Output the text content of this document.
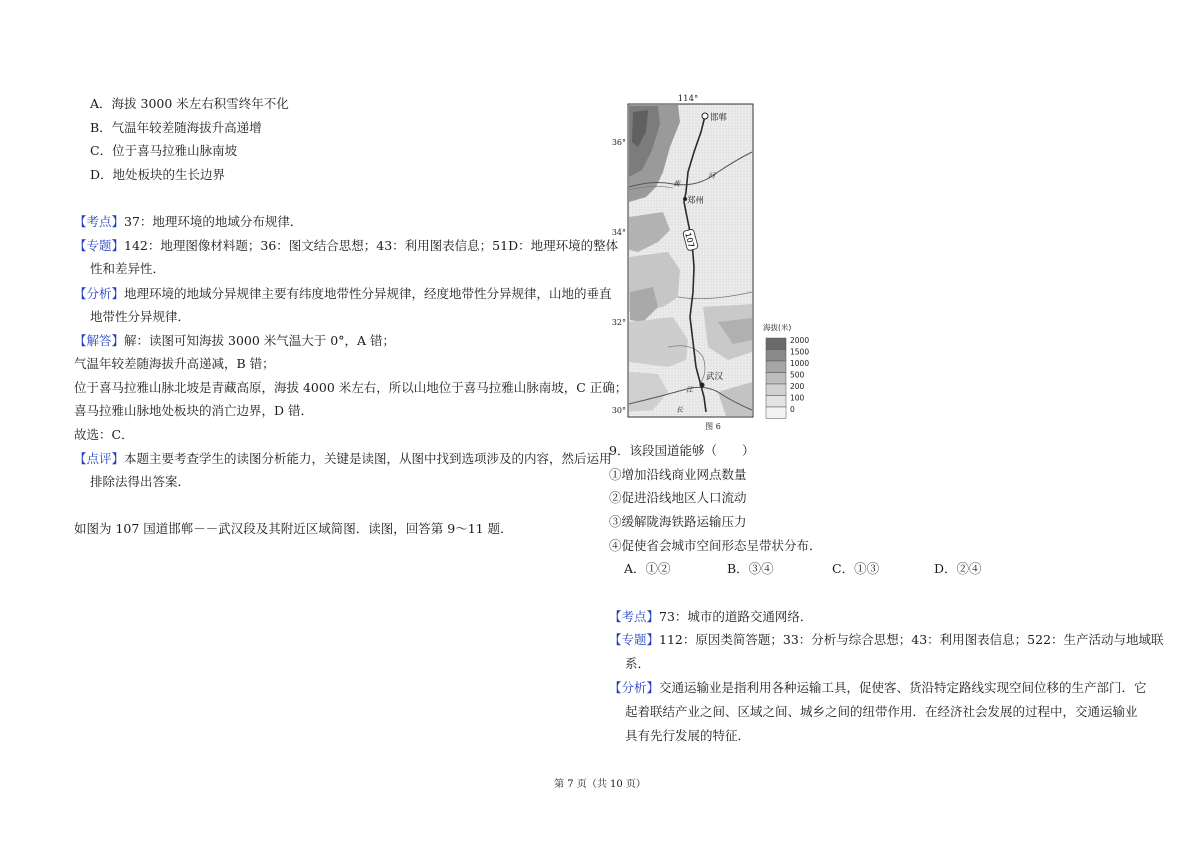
A．海拔 3000 米左右积雪终年不化
B．气温年较差随海拔升高递增
C．位于喜马拉雅山脉南坡
D．地处板块的生长边界
【考点】37：地理环境的地域分布规律．
【专题】142：地理图像材料题；36：图文结合思想；43：利用图表信息；51D：地理环境的整体
性和差异性．
【分析】地理环境的地域分异规律主要有纬度地带性分异规律，经度地带性分异规律，山地的垂直
地带性分异规律．
【解答】解：读图可知海拔 3000 米气温大于 0°，A 错；
气温年较差随海拔升高递减，B 错；
位于喜马拉雅山脉北坡是青藏高原，海拔 4000 米左右，所以山地位于喜马拉雅山脉南坡，C 正确；
喜马拉雅山脉地处板块的消亡边界，D 错．
故选：C．
【点评】本题主要考查学生的读图分析能力，关键是读图，从图中找到选项涉及的内容，然后运用
排除法得出答案．
如图为 107 国道邯郸－－武汉段及其附近区域简图．读图，回答第 9～11 题．
107
114°
36°
34°
32°
30°
邯郸
郑州
武汉
黄
河
长
江
海拔(米)
2000
1500
1000
500
200
100
0
图 6
9．该段国道能够（　　）
①增加沿线商业网点数量
②促进沿线地区人口流动
③缓解陇海铁路运输压力
④促使省会城市空间形态呈带状分布．
A．①②	B．③④	C．①③	D．②④
【考点】73：城市的道路交通网络．
【专题】112：原因类简答题；33：分析与综合思想；43：利用图表信息；522：生产活动与地域联
系．
【分析】交通运输业是指利用各种运输工具，促使客、货沿特定路线实现空间位移的生产部门．它
起着联结产业之间、区域之间、城乡之间的纽带作用．在经济社会发展的过程中，交通运输业
具有先行发展的特征．
第 7 页（共 10 页）
